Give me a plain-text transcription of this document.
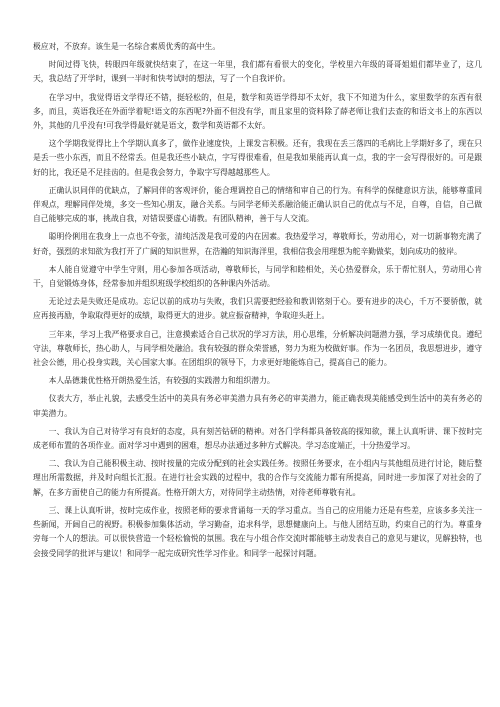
极应对，不放弃。该生是一名综合素质优秀的高中生。

时间过得飞快，转眼四年级就快结束了，在这一年里，我们都有看很大的变化，学校里六年级的哥哥姐姐们都毕业了，这几天，我总结了开学时，课到一半时和快考试时的想法，写了一个自我评价。

在学习中，我觉得语文学得还不错，挺轻松的，但是，数学和英语学得却不太好，我下不知道为什么，家里数学的东西有很多，而且，英语我还在外面学着呢!语文的东西呢?外面不但没有学，而且家里的资料除了薛老师让我们去查的和语文书上的东西以外，其他的几乎没有!可我学得最好就是语文，数学和英语都不太好。

这个学期我觉得比上个学期认真多了，做作业速度快，上课发言积极。还有，我现在丢三落四的毛病比上学期好多了，现在只是丢一些小东西，而且不经常丢。但是我还些小缺点，字写得很难看，但是我如果能再认真一点，我的字一会写得很好的。可是跟好的比，我还是不足挂齿的。但是我会努力，争取字写得越越那些人。

正确认识同伴的优缺点，了解同伴的客观评价，能合理调控自己的情绪和审自己的行为。有科学的保健意识方法，能够尊重同伴观点，理解同伴处境，多交一些知心朋友，融合关系。与同学老师关系融洽能正确认识自己的优点与不足，自尊，自信，自己做自己能够完成的事，挑战自我，对错误要虚心请教。有团队精神，善于与人交流。

聪明伶俐用在我身上一点也不夸张，清纯活泼是我可爱的内在因素。我热爱学习，尊敬师长，劳动用心，对一切新事物充满了好奇，强烈的求知欲为我打开了广阔的知识世界，在浩瀚的知识海洋里，我相信我会用理想为舵辛勤做桨，划向成功的彼岸。

本人能自觉遵守中学生守则，用心参加各项活动，尊敬师长，与同学和睦相处，关心热爱群众，乐于帮忙别人，劳动用心肯干，自觉锻炼身体，经常参加并组织班级学校组织的各种课内外活动。

无论过去是失败还是成功。忘记以前的成功与失败，我们只需要把经验和教训铭刻于心。要有进步的决心，千万不要骄傲，就应再接再励，争取取得更好的成绩，取得更大的进步。就应振奋精神，争取迎头赶上。

三年来，学习上我严格要求自己，注意摸索适合自己状况的学习方法，用心思维，分析解决问题潜力强，学习成绩优良。遵纪守法，尊敬师长，热心助人，与同学相处融洽。我有较强的群众荣誉感，努力为班为校做好事。作为一名团员，我思想进步，遵守社会公德，用心投身实践，关心国家大事。在团组织的领导下，力求更好地能炼自己，提高自己的能力。

本人品德兼优性格开朗热爱生活，有较强的实践潜力和组织潜力。

仪表大方，举止礼貌，去感受生活中的美具有务必审美潜力具有务必的审美潜力，能正确表现美能感受到生活中的美有务必的审美潜力。

一、我认为自己对待学习有良好的态度，具有刻苦钻研的精神。对各门学科都具备较高的探知欲，课上认真听讲、课下按时完成老师布置的各项作业。面对学习中遇到的困难，想尽办法通过多种方式解决。学习态度端正，十分热爱学习。

二、我认为自己能积极主动、按时按量的完成分配到的社会实践任务。按照任务要求，在小组内与其他组员进行讨论，随后整理出所需数据，并及时向组长汇报。在进行社会实践的过程中，我的合作与交流能力都有所提高，同时进一步加深了对社会的了解，在多方面使自己的能力有所提高。性格开朗大方，对待同学主动热情，对待老师尊敬有礼。

三、课上认真听讲，按时完成作业，按照老师的要求背诵每一天的学习重点。当自己的应用能力还是有些差，应该多多关注一些新闻，开阔自己的视野。积极参加集体活动，学习勤奋，追求科学，思想健康向上。与他人团结互助，约束自己的行为。尊重身旁每一个人的想法。可以很快营造一个轻松愉悦的氛围。我在与小组合作交流时都能够主动发表自己的意见与建议，见解独特，也会接受同学的批评与建议！和同学一起完成研究性学习作业。和同学一起探讨问题。
